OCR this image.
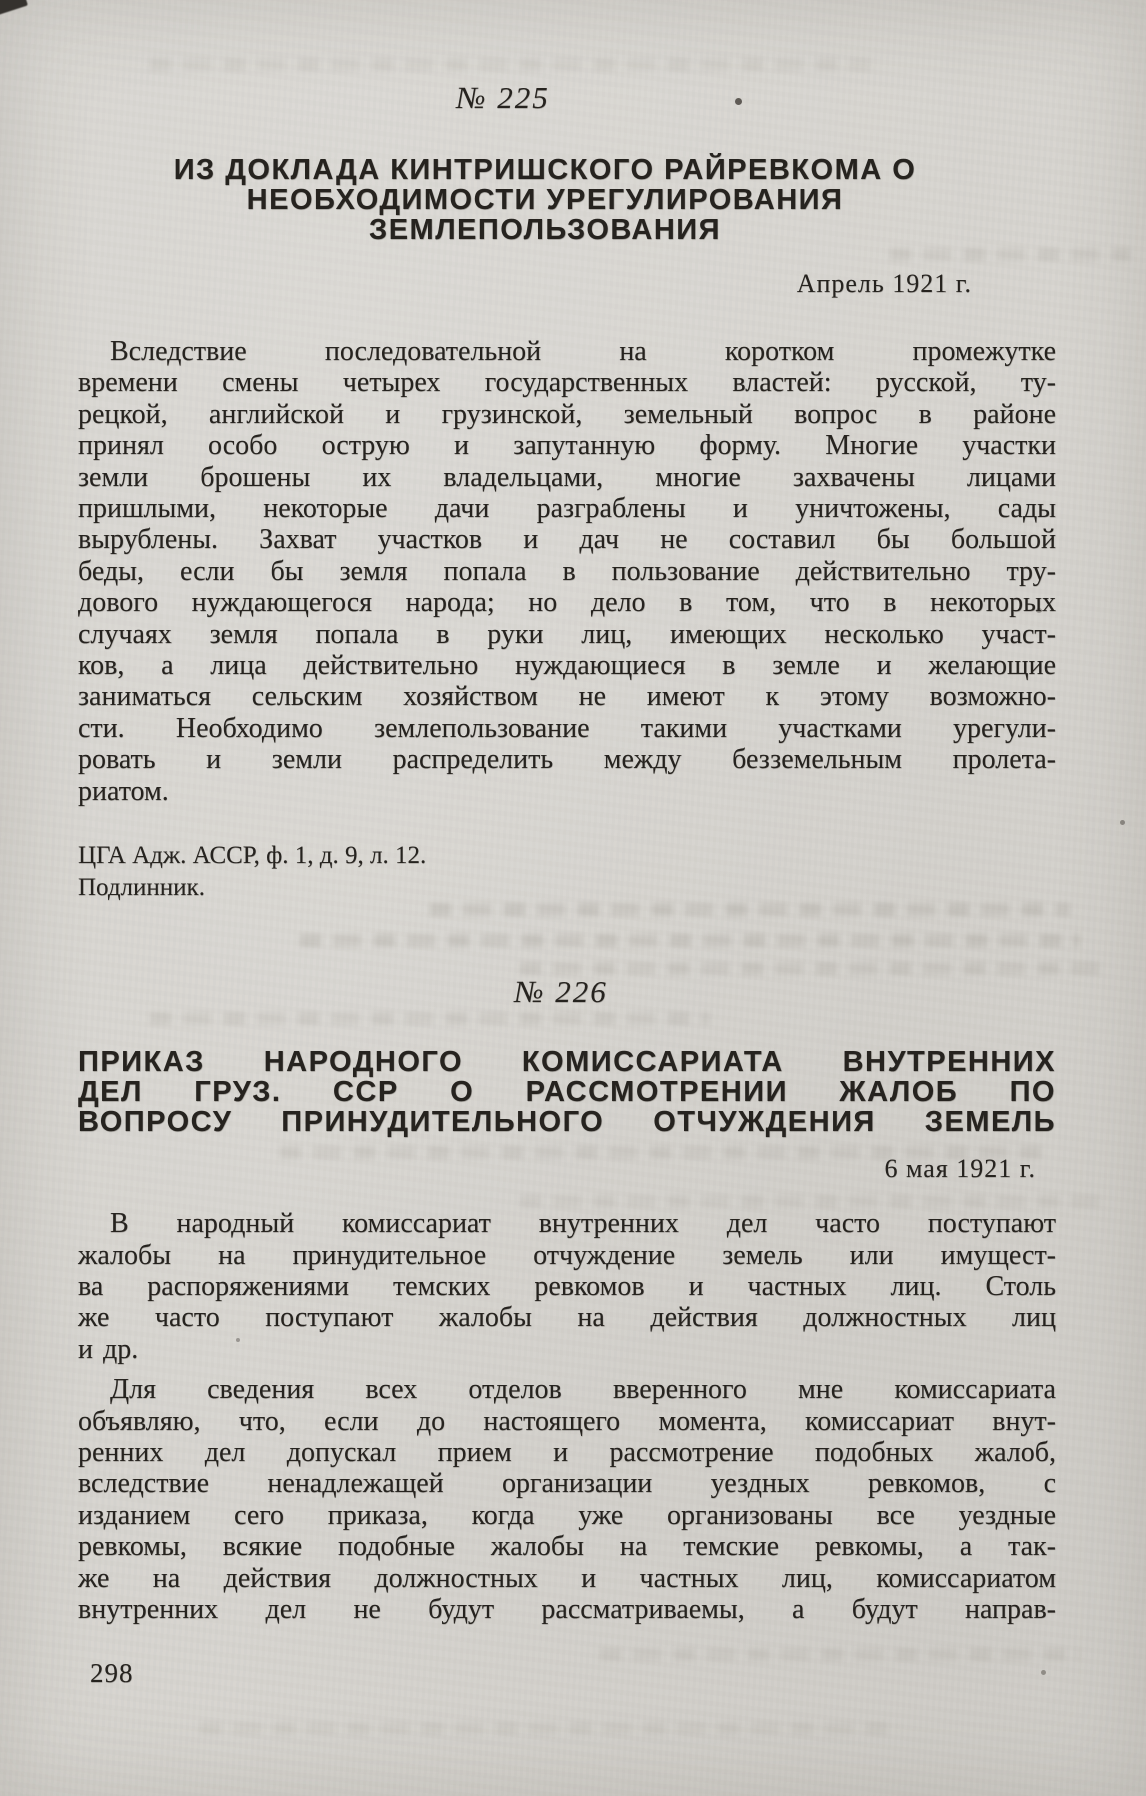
№ 225
ИЗ ДОКЛАДА КИНТРИШСКОГО РАЙРЕВКОМА О
НЕОБХОДИМОСТИ УРЕГУЛИРОВАНИЯ
ЗЕМЛЕПОЛЬЗОВАНИЯ
Апрель 1921 г.
Вследствие последовательной на коротком промежутке
времени смены четырех государственных властей: русской, ту-
рецкой, английской и грузинской, земельный вопрос в районе
принял особо острую и запутанную форму. Многие участки
земли брошены их владельцами, многие захвачены лицами
пришлыми, некоторые дачи разграблены и уничтожены, сады
вырублены. Захват участков и дач не составил бы большой
беды, если бы земля попала в пользование действительно тру-
дового нуждающегося народа; но дело в том, что в некоторых
случаях земля попала в руки лиц, имеющих несколько участ-
ков, а лица действительно нуждающиеся в земле и желающие
заниматься сельским хозяйством не имеют к этому возможно-
сти. Необходимо землепользование такими участками урегули-
ровать и земли распределить между безземельным пролета-
риатом.
ЦГА Адж. АССР, ф. 1, д. 9, л. 12.
Подлинник.
№ 226
ПРИКАЗ НАРОДНОГО КОМИССАРИАТА ВНУТРЕННИХ
ДЕЛ ГРУЗ. ССР О РАССМОТРЕНИИ ЖАЛОБ ПО
ВОПРОСУ ПРИНУДИТЕЛЬНОГО ОТЧУЖДЕНИЯ ЗЕМЕЛЬ
6 мая 1921 г.
В народный комиссариат внутренних дел часто поступают
жалобы на принудительное отчуждение земель или имущест-
ва распоряжениями темских ревкомов и частных лиц. Столь
же часто поступают жалобы на действия должностных лиц
и др.
Для сведения всех отделов вверенного мне комиссариата
объявляю, что, если до настоящего момента, комиссариат внут-
ренних дел допускал прием и рассмотрение подобных жалоб,
вследствие ненадлежащей организации уездных ревкомов, с
изданием сего приказа, когда уже организованы все уездные
ревкомы, всякие подобные жалобы на темские ревкомы, а так-
же на действия должностных и частных лиц, комиссариатом
внутренних дел не будут рассматриваемы, а будут направ-
298
